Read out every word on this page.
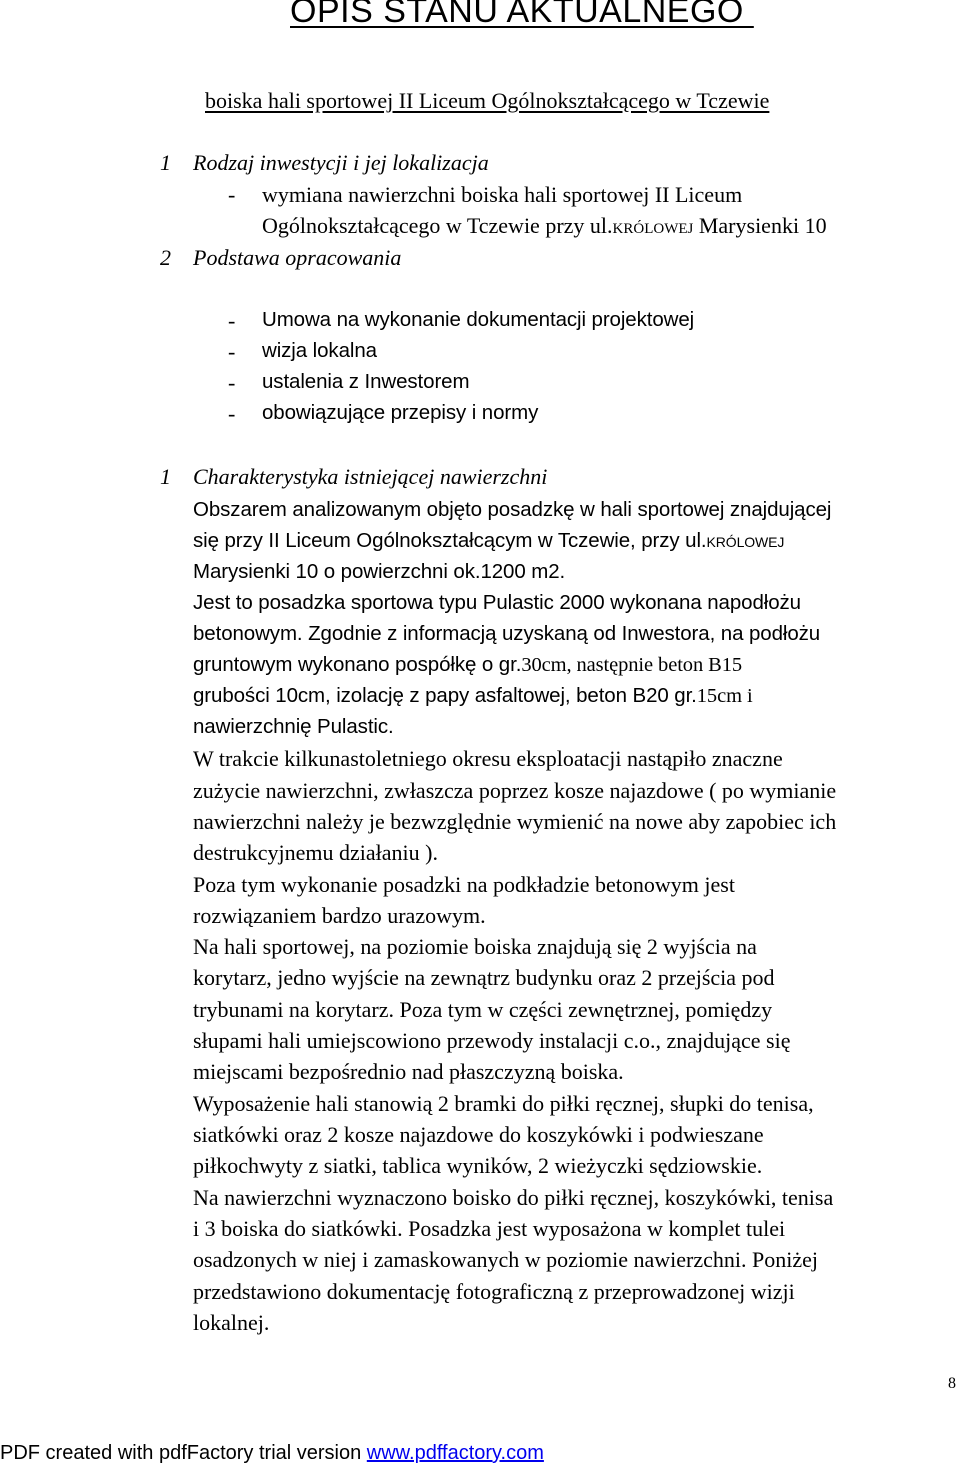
OPIS STANU AKTUALNEGO
boiska hali sportowej II Liceum Ogólnokształcącego w Tczewie
1 Rodzaj inwestycji i jej lokalizacja
- wymiana nawierzchni boiska hali sportowej II Liceum
Ogólnokształcącego w Tczewie przy ul.królowej Marysienki 10
2 Podstawa opracowania
- Umowa na wykonanie dokumentacji projektowej
- wizja lokalna
- ustalenia z Inwestorem
- obowiązujące przepisy i normy
1 Charakterystyka istniejącej nawierzchni
Obszarem analizowanym objęto posadzkę w hali sportowej znajdującej
się przy II Liceum Ogólnokształcącym w Tczewie, przy ul.królowej
Marysienki 10 o powierzchni ok.1200 m2.
Jest to posadzka sportowa typu Pulastic 2000 wykonana napodłożu
betonowym. Zgodnie z informacją uzyskaną od Inwestora, na podłożu
gruntowym wykonano pospółkę o gr.30cm, następnie beton B15
grubości 10cm, izolację z papy asfaltowej, beton B20 gr.15cm i
nawierzchnię Pulastic.
W trakcie kilkunastoletniego okresu eksploatacji nastąpiło znaczne
zużycie nawierzchni, zwłaszcza poprzez kosze najazdowe ( po wymianie
nawierzchni należy je bezwzględnie wymienić na nowe aby zapobiec ich
destrukcyjnemu działaniu ).
Poza tym wykonanie posadzki na podkładzie betonowym jest
rozwiązaniem bardzo urazowym.
Na hali sportowej, na poziomie boiska znajdują się 2 wyjścia na
korytarz, jedno wyjście na zewnątrz budynku oraz 2 przejścia pod
trybunami na korytarz. Poza tym w części zewnętrznej, pomiędzy
słupami hali umiejscowiono przewody instalacji c.o., znajdujące się
miejscami bezpośrednio nad płaszczyzną boiska.
Wyposażenie hali stanowią 2 bramki do piłki ręcznej, słupki do tenisa,
siatkówki oraz 2 kosze najazdowe do koszykówki i podwieszane
piłkochwyty z siatki, tablica wyników, 2 wieżyczki sędziowskie.
Na nawierzchni wyznaczono boisko do piłki ręcznej, koszykówki, tenisa
i 3 boiska do siatkówki. Posadzka jest wyposażona w komplet tulei
osadzonych w niej i zamaskowanych w poziomie nawierzchni. Poniżej
przedstawiono dokumentację fotograficzną z przeprowadzonej wizji
lokalnej.
8
PDF created with pdfFactory trial version www.pdffactory.com
